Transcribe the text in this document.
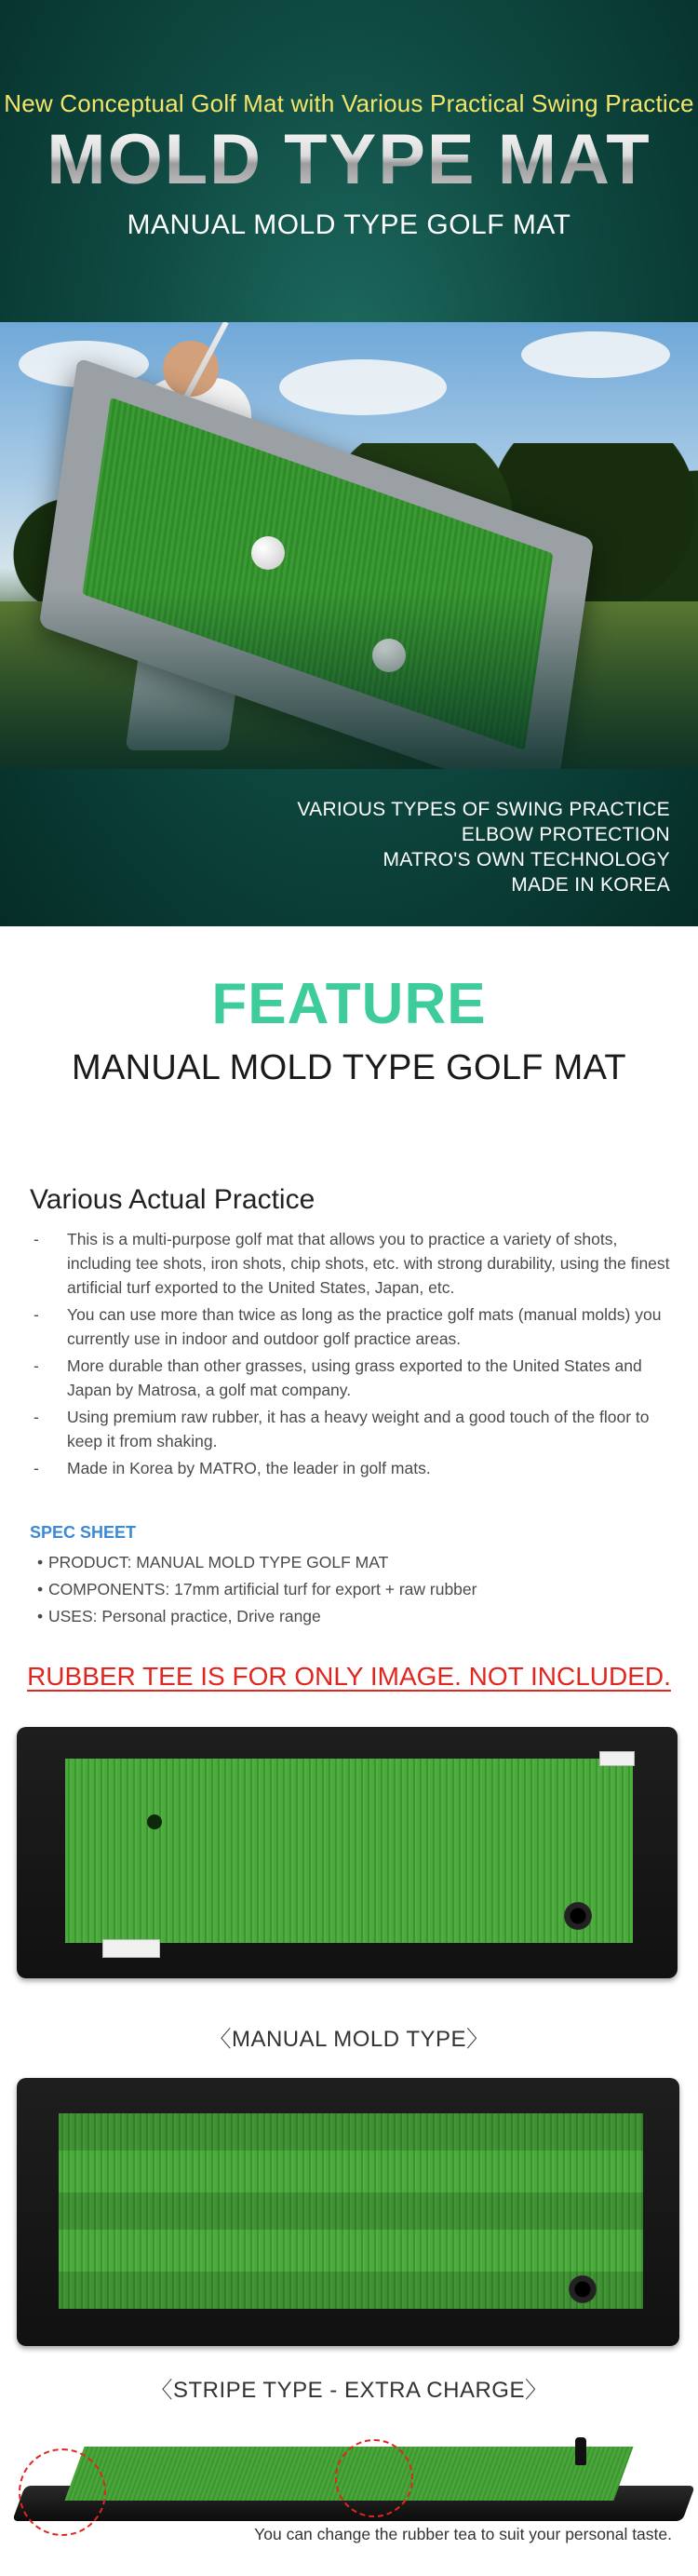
New Conceptual Golf Mat with Various Practical Swing Practice
MOLD TYPE MAT
MANUAL MOLD TYPE GOLF MAT
VARIOUS TYPES OF SWING PRACTICE
ELBOW PROTECTION
MATRO'S OWN TECHNOLOGY
MADE IN KOREA
FEATURE
MANUAL MOLD TYPE GOLF MAT
Various Actual Practice
- This is a multi-purpose golf mat that allows you to practice a variety of shots, including tee shots, iron shots, chip shots, etc. with strong durability, using the finest artificial turf exported to the United States, Japan, etc.
- You can use more than twice as long as the practice golf mats (manual molds) you currently use in indoor and outdoor golf practice areas.
- More durable than other grasses, using grass exported to the United States and Japan by Matrosa, a golf mat company.
- Using premium raw rubber, it has a heavy weight and a good touch of the floor to keep it from shaking.
- Made in Korea by MATRO, the leader in golf mats.
SPEC SHEET
• PRODUCT: MANUAL MOLD TYPE GOLF MAT
• COMPONENTS: 17mm artificial turf for export + raw rubber
• USES: Personal practice, Drive range
RUBBER TEE IS FOR ONLY IMAGE. NOT INCLUDED.
〈MANUAL MOLD TYPE〉
〈STRIPE TYPE - EXTRA CHARGE〉
You can change the rubber tea to suit your personal taste.
